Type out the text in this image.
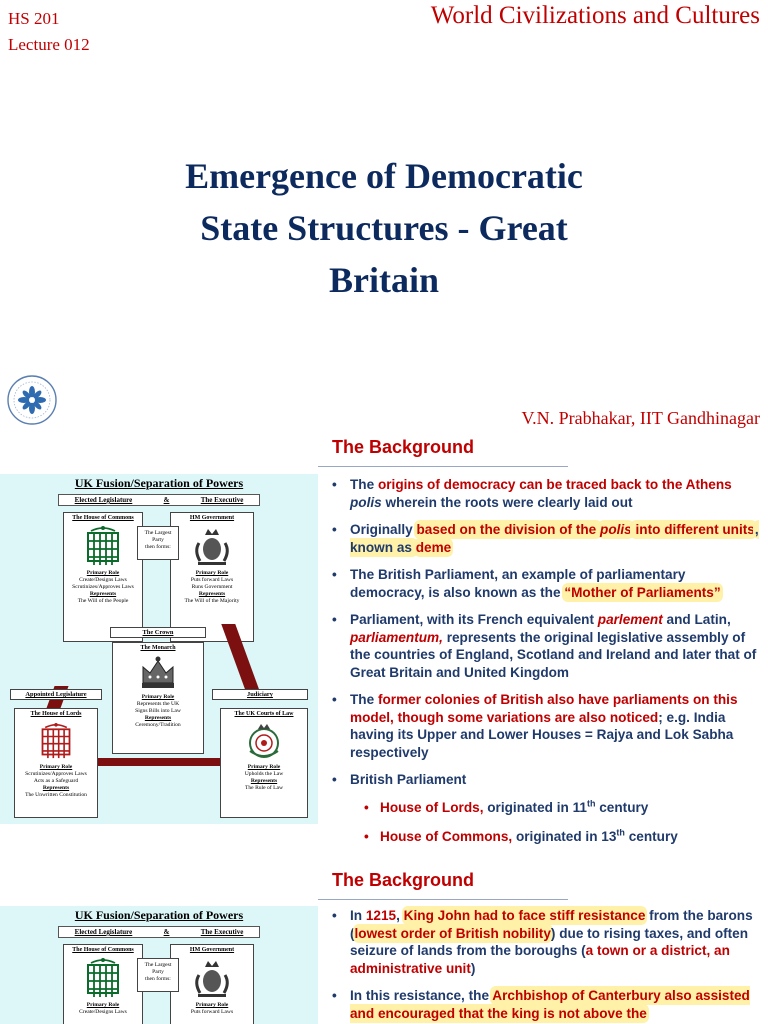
HS 201
Lecture 012
World Civilizations and Cultures
Emergence of Democratic
State Structures - Great
Britain
V.N. Prabhakar, IIT Gandhinagar
The Background
UK Fusion/Separation of Powers
Elected Legislature	&	The Executive
The House of Commons
Primary Role
Create/Designs Laws
Scrutinizes/Approves Laws
Represents
The Will of the People
The Largest
Party
then forms:
HM Government
Primary Role
Puts forward Laws
Runs Government
Represents
The Will of the Majority
The Crown
The Monarch
Primary Role
Represents the UK
Signs Bills into Law
Represents
Ceremony/Tradition
Appointed Legislature
The House of Lords
Primary Role
Scrutinizes/Approves Laws
Acts as a Safeguard
Represents
The Unwritten Constitution
Judiciary
The UK Courts of Law
Primary Role
Upholds the Law
Represents
The Rule of Law
• The origins of democracy can be traced back to the Athens polis wherein the roots were clearly laid out
• Originally based on the division of the polis into different units, known as deme
• The British Parliament, an example of parliamentary democracy, is also known as the “Mother of Parliaments”
• Parliament, with its French equivalent parlement and Latin, parliamentum, represents the original legislative assembly of the countries of England, Scotland and Ireland and later that of Great Britain and United Kingdom
• The former colonies of British also have parliaments on this model, though some variations are also noticed; e.g. India having its Upper and Lower Houses = Rajya and Lok Sabha respectively
• British Parliament
• House of Lords, originated in 11th century
• House of Commons, originated in 13th century
The Background
UK Fusion/Separation of Powers
Elected Legislature	&	The Executive
The House of Commons
Primary Role
Create/Designs Laws
The Largest
Party
then forms:
HM Government
Primary Role
Puts forward Laws
• In 1215, King John had to face stiff resistance from the barons (lowest order of British nobility) due to rising taxes, and often seizure of lands from the boroughs (a town or a district, an administrative unit)
• In this resistance, the Archbishop of Canterbury also assisted and encouraged that the king is not above the
